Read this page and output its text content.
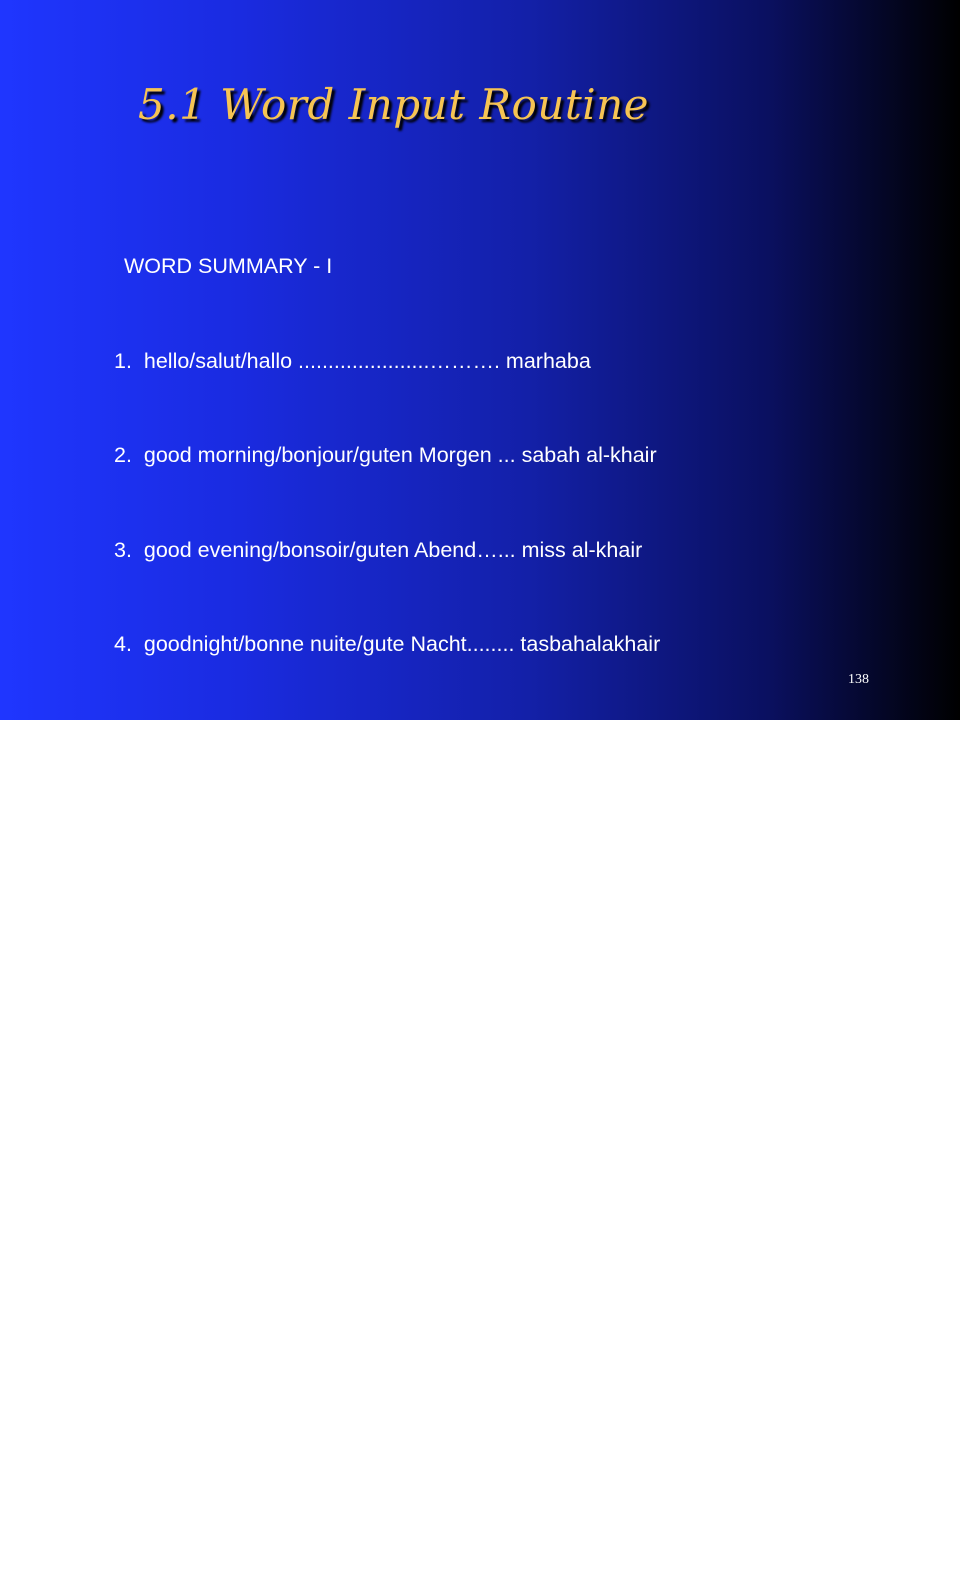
5.1 Word Input Routine

WORD SUMMARY - I

1.  hello/salut/hallo ......................………. marhaba

2.  good morning/bonjour/guten Morgen ... sabah al-khair

3.  good evening/bonsoir/guten Abend…... miss al-khair

4.  goodnight/bonne nuite/gute Nacht........ tasbahalakhair

5.  how are you?/comment allez vous/

wie geht es Ihnen……............................ kaif haal’ak?

6.  I am well/je vais bien/mir geht es gut.... ana be-khair

7.  thank you/merci/danke ......................... shukran

8.  goodbye/au revoir/auf wiedersein......... maas-salama

9.  please/s'il vous plait/bitte .........…........ min-fadlak

10. Mr/Monsieur/Herr ..........................….... al-Saied.

11. Mrs/Madame//Frau .............................. al-Saieda

12. Miss/Mademoiselle/Fraulein................. al-Anesa

138
